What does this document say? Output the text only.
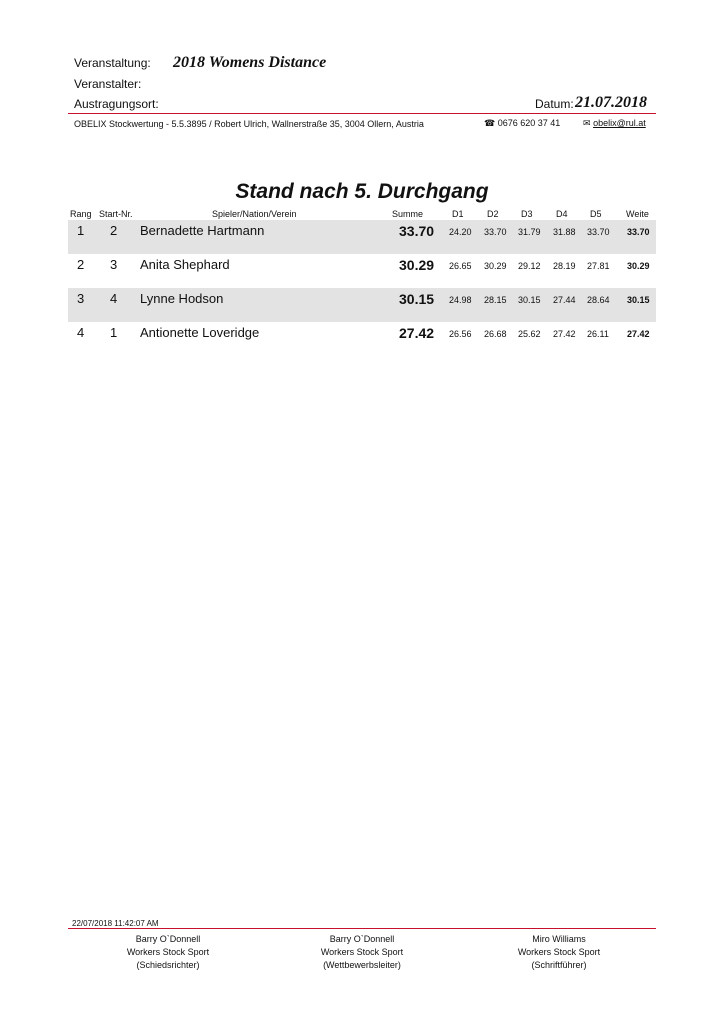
Veranstaltung: 2018 Womens Distance
Veranstalter:
Austragungsort:	Datum: 21.07.2018
OBELIX Stockwertung - 5.5.3895 / Robert Ulrich, Wallnerstraße 35, 3004 Ollern, Austria	☎ 0676 620 37 41	✉ obelix@rul.at
Stand nach 5. Durchgang
Rang Start-Nr.	Spieler/Nation/Verein	Summe	D1	D2 D3	D4 D5	Weite
1 2 Bernadette Hartmann	33.70 24.20 33.70 31.79 31.88 33.70 33.70
2 3 Anita Shephard	30.29 26.65 30.29 29.12 28.19 27.81 30.29
3 4 Lynne Hodson	30.15 24.98 28.15 30.15 27.44 28.64 30.15
4 1 Antionette Loveridge	27.42 26.56 26.68 25.62 27.42 26.11 27.42
22/07/2018 11:42:07 AM
Barry O`Donnell
Workers Stock Sport
(Schiedsrichter)
Barry O`Donnell
Workers Stock Sport
(Wettbewerbsleiter)
Miro Williams
Workers Stock Sport
(Schriftführer)
